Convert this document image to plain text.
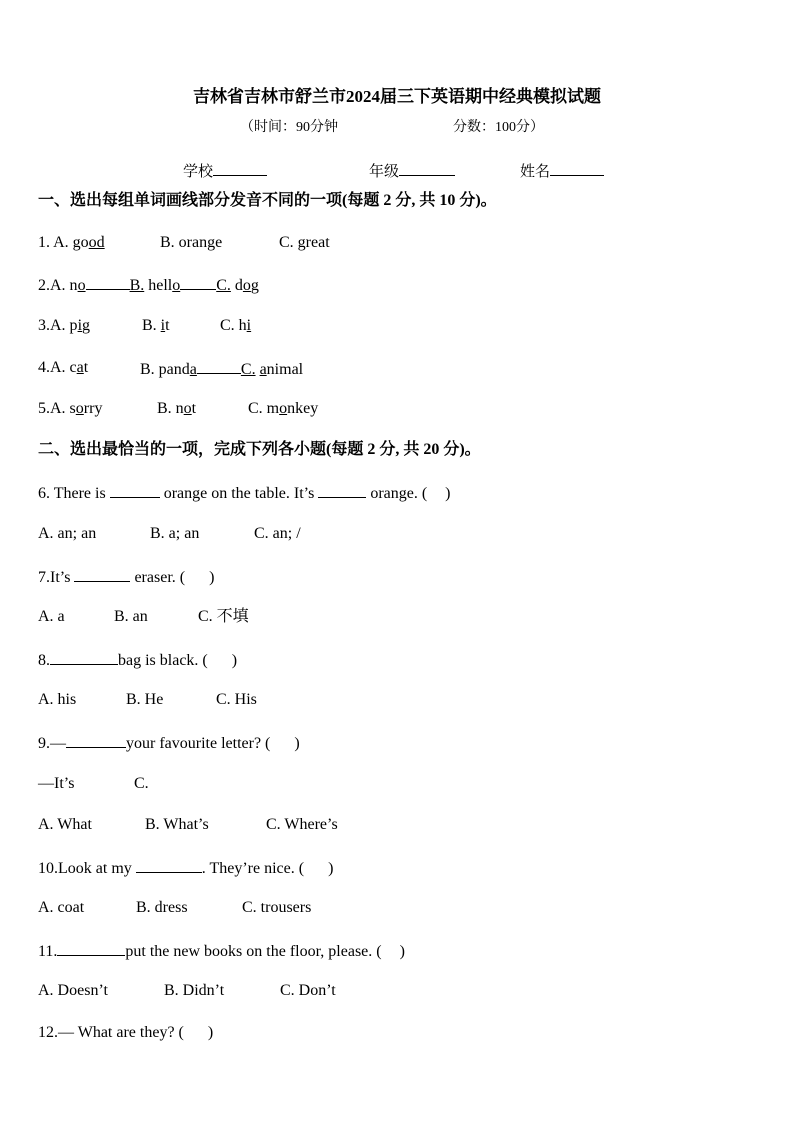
吉林省吉林市舒兰市2024届三下英语期中经典模拟试题
（时间：90分钟	分数：100分）
学校	年级	姓名
一、选出每组单词画线部分发音不同的一项(每题 2 分, 共 10 分)。
1. A. good	B. orange	C. great
2.A. no	B. hello C. dog
3.A. pig	B. it	C. hi
4.A. cat	B. panda	C. animal
5.A. sorry	B. not	C. monkey
二、选出最恰当的一项，完成下列各小题(每题 2 分, 共 20 分)。
6. There is	orange on the table. It’s	orange. ( )
A. an; an	B. a; an	C. an; /
7.It’s	eraser. ( )
A. a	B. an	C. 不填
8.	bag is black. ( )
A. his	B. He	C. His
9.—	your favourite letter? ( )
—It’s	C.
A. What	B. What’s	C. Where’s
10.Look at my	. They’re nice. ( )
A. coat	B. dress	C. trousers
11.	put the new books on the floor, please. ( )
A. Doesn’t	B. Didn’t	C. Don’t
12.— What are they? ( )
